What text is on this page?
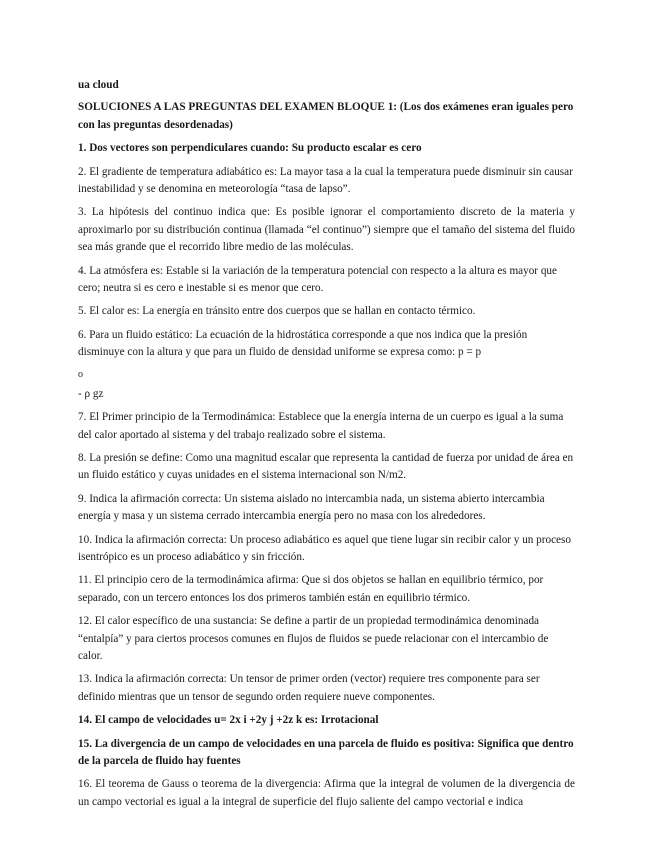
ua cloud

SOLUCIONES A LAS PREGUNTAS DEL EXAMEN BLOQUE 1: (Los dos exámenes eran iguales pero con las preguntas desordenadas)

1. Dos vectores son perpendiculares cuando: Su producto escalar es cero

2. El gradiente de temperatura adiabático es: La mayor tasa a la cual la temperatura puede disminuir sin causar inestabilidad y se denomina en meteorología “tasa de lapso”.

3. La hipótesis del continuo indica que: Es posible ignorar el comportamiento discreto de la materia y aproximarlo por su distribución continua (llamada “el continuo”) siempre que el tamaño del sistema del fluido sea más grande que el recorrido libre medio de las moléculas.

4. La atmósfera es: Estable si la variación de la temperatura potencial con respecto a la altura es mayor que cero; neutra si es cero e inestable si es menor que cero.

5. El calor es: La energía en tránsito entre dos cuerpos que se hallan en contacto térmico.

6. Para un fluido estático: La ecuación de la hidrostática corresponde a que nos indica que la presión disminuye con la altura y que para un fluido de densidad uniforme se expresa como: p = p

o

- ρ gz

7. El Primer principio de la Termodinámica: Establece que la energía interna de un cuerpo es igual a la suma del calor aportado al sistema y del trabajo realizado sobre el sistema.

8. La presión se define: Como una magnitud escalar que representa la cantidad de fuerza por unidad de área en un fluido estático y cuyas unidades en el sistema internacional son N/m2.

9. Indica la afirmación correcta: Un sistema aislado no intercambia nada, un sistema abierto intercambia energía y masa y un sistema cerrado intercambia energía pero no masa con los alrededores.

10. Indica la afirmación correcta: Un proceso adiabático es aquel que tiene lugar sin recibir calor y un proceso isentrópico es un proceso adiabático y sin fricción.

11. El principio cero de la termodinámica afirma: Que si dos objetos se hallan en equilibrio térmico, por separado, con un tercero entonces los dos primeros también están en equilibrio térmico.

12. El calor específico de una sustancia: Se define a partir de un propiedad termodinámica denominada “entalpía” y para ciertos procesos comunes en flujos de fluidos se puede relacionar con el intercambio de calor.

13. Indica la afirmación correcta: Un tensor de primer orden (vector) requiere tres componente para ser definido mientras que un tensor de segundo orden requiere nueve componentes.

14. El campo de velocidades u= 2x i +2y j +2z k es: Irrotacional

15. La divergencia de un campo de velocidades en una parcela de fluido es positiva: Significa que dentro de la parcela de fluido hay fuentes

16. El teorema de Gauss o teorema de la divergencia: Afirma que la integral de volumen de la divergencia de un campo vectorial es igual a la integral de superficie del flujo saliente del campo vectorial e indica
